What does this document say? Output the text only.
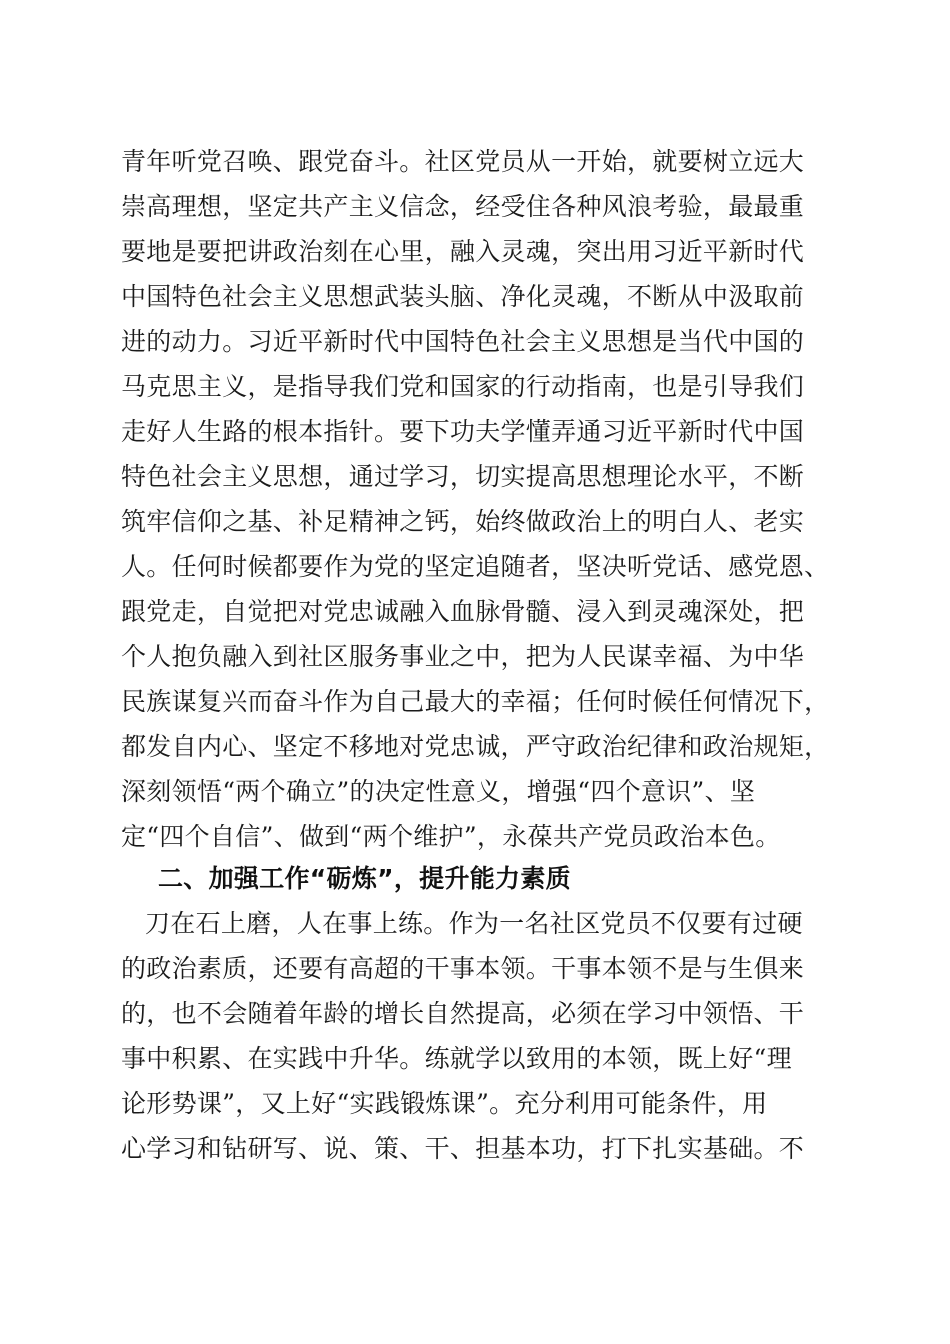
青年听党召唤、跟党奋斗。社区党员从一开始，就要树立远大
崇高理想，坚定共产主义信念，经受住各种风浪考验，最最重
要地是要把讲政治刻在心里，融入灵魂，突出用习近平新时代
中国特色社会主义思想武装头脑、净化灵魂，不断从中汲取前
进的动力。习近平新时代中国特色社会主义思想是当代中国的
马克思主义，是指导我们党和国家的行动指南，也是引导我们
走好人生路的根本指针。要下功夫学懂弄通习近平新时代中国
特色社会主义思想，通过学习，切实提高思想理论水平，不断
筑牢信仰之基、补足精神之钙，始终做政治上的明白人、老实
人。任何时候都要作为党的坚定追随者，坚决听党话、感党恩、
跟党走，自觉把对党忠诚融入血脉骨髓、浸入到灵魂深处，把
个人抱负融入到社区服务事业之中，把为人民谋幸福、为中华
民族谋复兴而奋斗作为自己最大的幸福；任何时候任何情况下，
都发自内心、坚定不移地对党忠诚，严守政治纪律和政治规矩，
深刻领悟“两个确立”的决定性意义，增强“四个意识”、坚
定“四个自信”、做到“两个维护”，永葆共产党员政治本色。
二、加强工作“砺炼”，提升能力素质
刀在石上磨，人在事上练。作为一名社区党员不仅要有过硬
的政治素质，还要有高超的干事本领。干事本领不是与生俱来
的，也不会随着年龄的增长自然提高，必须在学习中领悟、干
事中积累、在实践中升华。练就学以致用的本领，既上好“理
论形势课”，又上好“实践锻炼课”。充分利用可能条件，用
心学习和钻研写、说、策、干、担基本功，打下扎实基础。不
